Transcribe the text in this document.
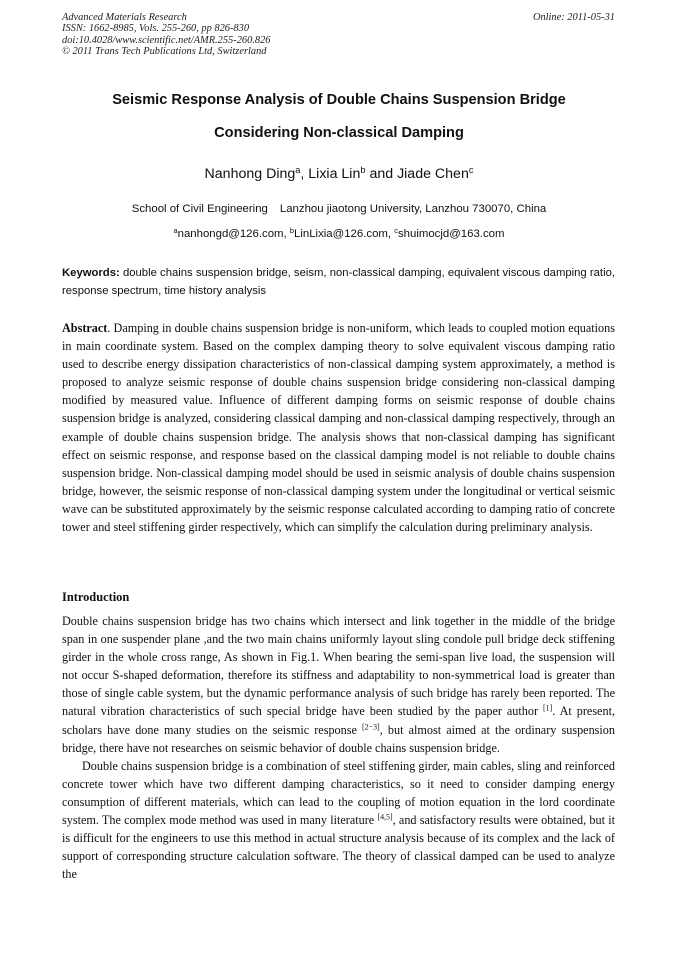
Advanced Materials Research
ISSN: 1662-8985, Vols. 255-260, pp 826-830
doi:10.4028/www.scientific.net/AMR.255-260.826
© 2011 Trans Tech Publications Ltd, Switzerland
Online: 2011-05-31
Seismic Response Analysis of Double Chains Suspension Bridge
Considering Non-classical Damping
Nanhong Ding$^a$, Lixia Lin$^b$ and Jiade Chen$^c$
School of Civil Engineering Lanzhou jiaotong University, Lanzhou 730070, China
$^a$nanhongd@126.com, $^b$LinLixia@126.com, $^c$shuimocjd@163.com
Keywords: double chains suspension bridge, seism, non-classical damping, equivalent viscous damping ratio, response spectrum, time history analysis
Abstract. Damping in double chains suspension bridge is non-uniform, which leads to coupled motion equations in main coordinate system. Based on the complex damping theory to solve equivalent viscous damping ratio used to describe energy dissipation characteristics of non-classical damping system approximately, a method is proposed to analyze seismic response of double chains suspension bridge considering non-classical damping modified by measured value. Influence of different damping forms on seismic response of double chains suspension bridge is analyzed, considering classical damping and non-classical damping respectively, through an example of double chains suspension bridge. The analysis shows that non-classical damping has significant effect on seismic response, and response based on the classical damping model is not reliable to double chains suspension bridge. Non-classical damping model should be used in seismic analysis of double chains suspension bridge, however, the seismic response of non-classical damping system under the longitudinal or vertical seismic wave can be substituted approximately by the seismic response calculated according to damping ratio of concrete tower and steel stiffening girder respectively, which can simplify the calculation during preliminary analysis.
Introduction

Double chains suspension bridge has two chains which intersect and link together in the middle of the bridge span in one suspender plane ,and the two main chains uniformly layout sling condole pull bridge deck stiffening girder in the whole cross range, As shown in Fig.1. When bearing the semi-span live load, the suspension will not occur S-shaped deformation, therefore its stiffness and adaptability to non-symmetrical load is greater than those of single cable system, but the dynamic performance analysis of such bridge has rarely been reported. The natural vibration characteristics of such special bridge have been studied by the paper author [1]. At present, scholars have done many studies on the seismic response [2−3], but almost aimed at the ordinary suspension bridge, there have not researches on seismic behavior of double chains suspension bridge.

Double chains suspension bridge is a combination of steel stiffening girder, main cables, sling and reinforced concrete tower which have two different damping characteristics, so it need to consider damping energy consumption of different materials, which can lead to the coupling of motion equation in the lord coordinate system. The complex mode method was used in many literature [4,5], and satisfactory results were obtained, but it is difficult for the engineers to use this method in actual structure analysis because of its complex and the lack of support of corresponding structure calculation software. The theory of classical damped can be used to analyze the
